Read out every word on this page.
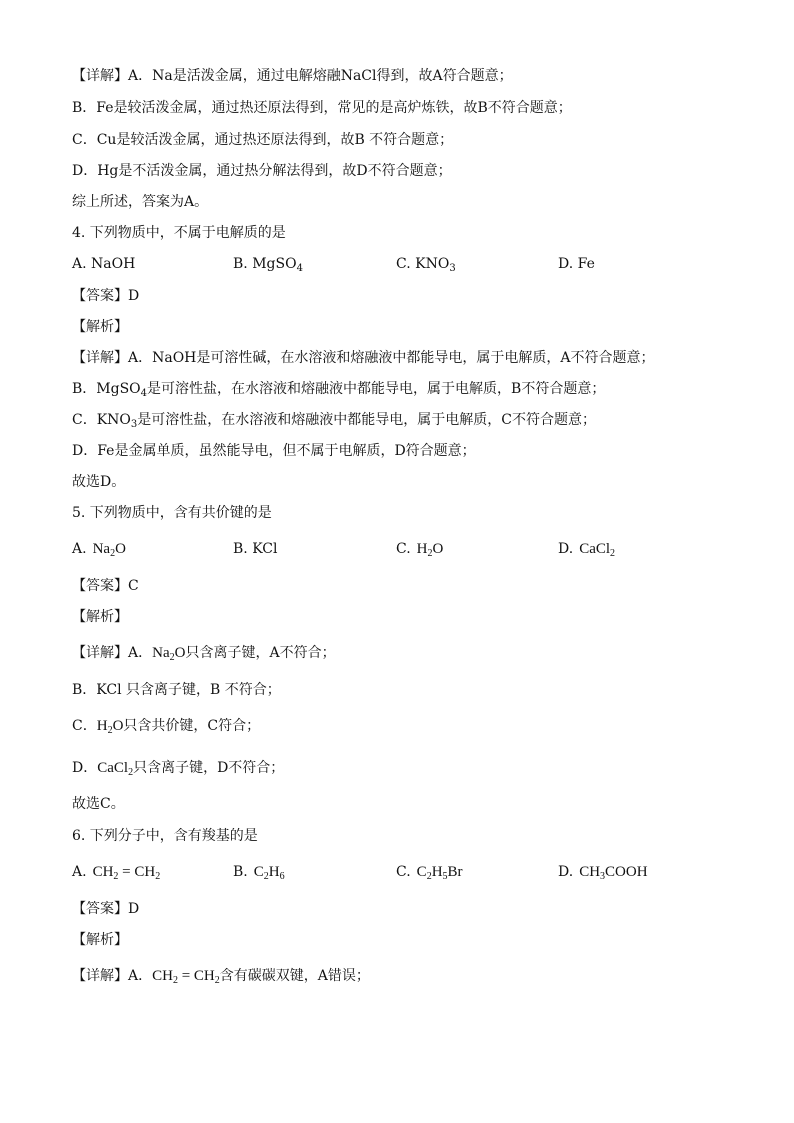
【详解】A．Na是活泼金属，通过电解熔融NaCl得到，故A符合题意；
B．Fe是较活泼金属，通过热还原法得到，常见的是高炉炼铁，故B不符合题意；
C．Cu是较活泼金属，通过热还原法得到，故B 不符合题意；
D．Hg是不活泼金属，通过热分解法得到，故D不符合题意；
综上所述，答案为A。
4. 下列物质中，不属于电解质的是
A. NaOH	B. MgSO$_4$	C. $KNO_3$	D. Fe
【答案】D
【解析】
【详解】A．NaOH是可溶性碱，在水溶液和熔融液中都能导电，属于电解质，A不符合题意；
B．MgSO$_4$是可溶性盐，在水溶液和熔融液中都能导电，属于电解质，B不符合题意；
C．$KNO_3$是可溶性盐，在水溶液和熔融液中都能导电，属于电解质，C不符合题意；
D．Fe是金属单质，虽然能导电，但不属于电解质，D符合题意；
故选D。
5. 下列物质中，含有共价键的是
A. $Na_2O$	B. KCl	C. $H_2O$	D. CaCl$_2$
【答案】C
【解析】
【详解】A．$Na_2O$只含离子键，A不符合；
B．KCl 只含离子键，B 不符合；
C．$H_2O$只含共价键，C符合；
D．CaCl$_2$只含离子键，D不符合；
故选C。
6. 下列分子中，含有羧基的是
A. $CH_2 = CH_2$	B. $C_2H_6$	C. $C_2H_5Br$	D. $CH_3COOH$
【答案】D
【解析】
【详解】A．$CH_2 = CH_2$含有碳碳双键，A错误；
